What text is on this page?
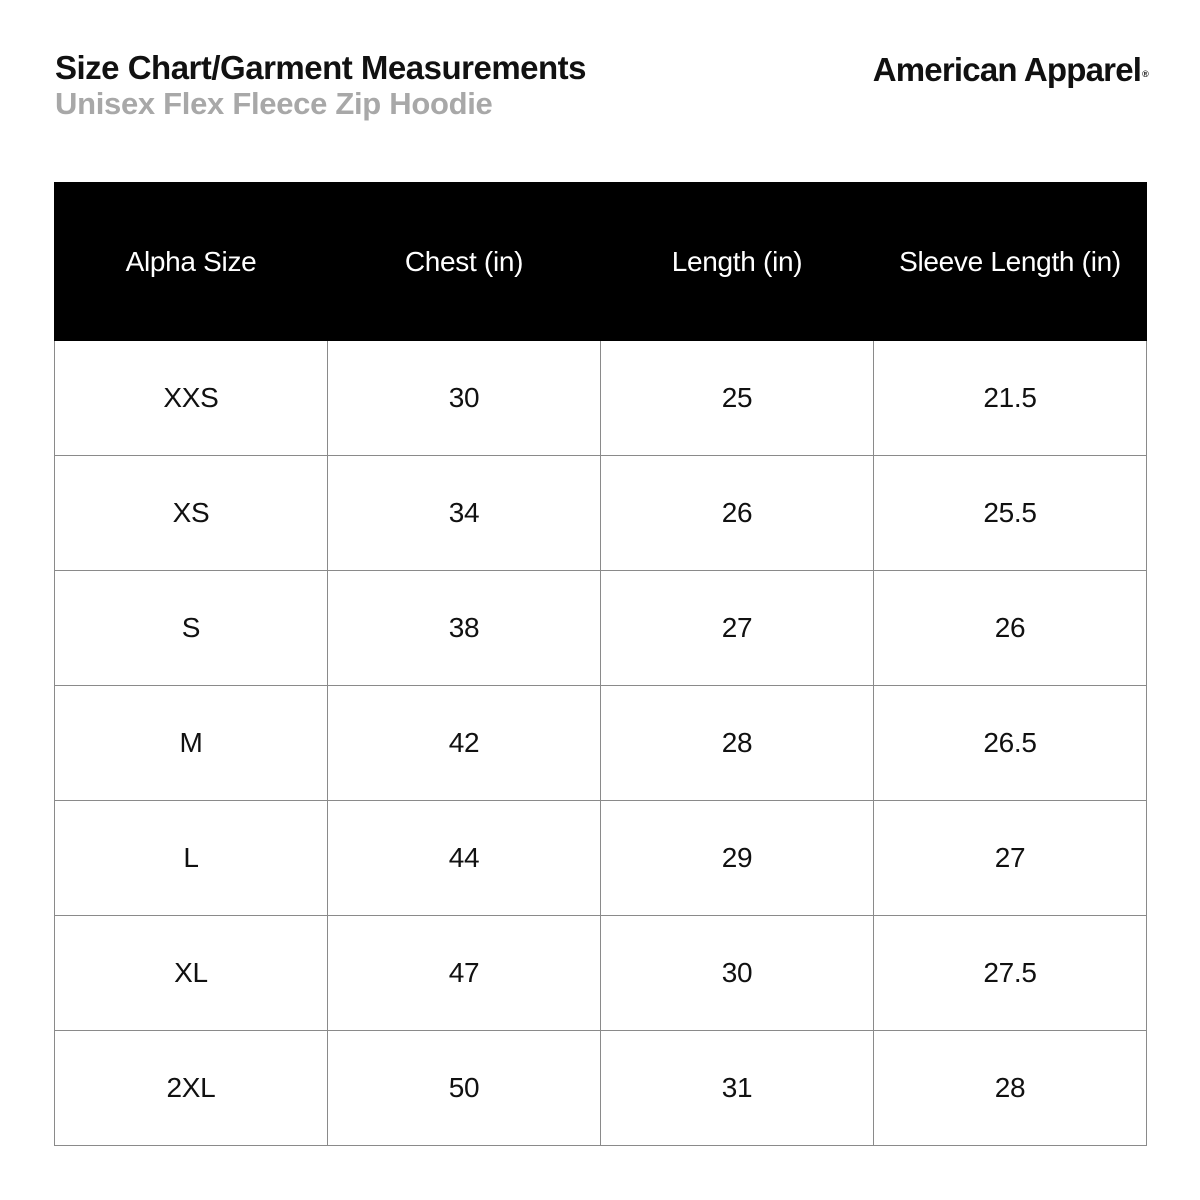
Size Chart/Garment Measurements
Unisex Flex Fleece Zip Hoodie
American Apparel®
Alpha Size	Chest (in)	Length (in)	Sleeve Length (in)
XXS	30	25	21.5
XS	34	26	25.5
S	38	27	26
M	42	28	26.5
L	44	29	27
XL	47	30	27.5
2XL	50	31	28
